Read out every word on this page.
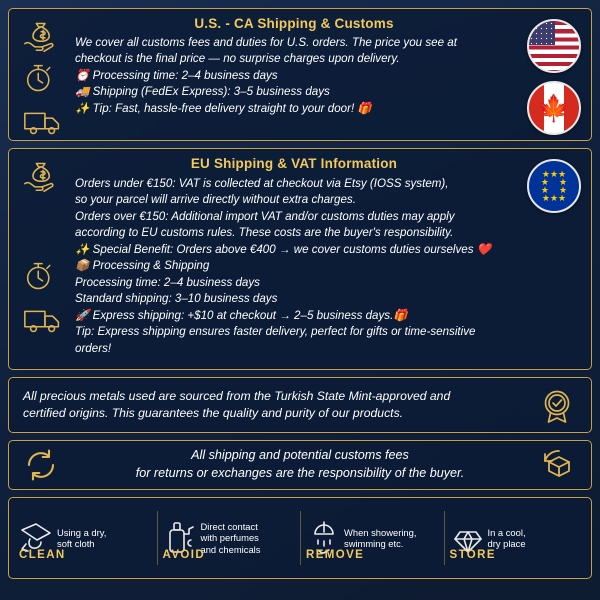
🍁
U.S. - CA Shipping & Customs
We cover all customs fees and duties for U.S. orders. The price you see at
checkout is the final price — no surprise charges upon delivery.
⏰ Processing time: 2–4 business days
🚚 Shipping (FedEx Express): 3–5 business days
✨ Tip: Fast, hassle-free delivery straight to your door! 🎁
★★★
★    ★
★    ★
★★★
EU Shipping & VAT Information
Orders under €150: VAT is collected at checkout via Etsy (IOSS system),
so your parcel will arrive directly without extra charges.
Orders over €150: Additional import VAT and/or customs duties may apply
according to EU customs rules. These costs are the buyer's responsibility.
✨ Special Benefit: Orders above €400 → we cover customs duties ourselves ❤️
📦 Processing & Shipping
Processing time: 2–4 business days
Standard shipping: 3–10 business days
🚀 Express shipping: +$10 at checkout → 2–5 business days.🎁
Tip: Express shipping ensures faster delivery, perfect for gifts or time-sensitive
orders!
All precious metals used are sourced from the Turkish State Mint-approved and
certified origins. This guarantees the quality and purity of our products.
All shipping and potential customs fees
for returns or exchanges are the responsibility of the buyer.
Using a dry,
soft cloth
CLEAN
Direct contact
with perfumes
and chemicals
AVOID
When showering,
swimming etc.
REMOVE
In a cool,
dry place
STORE
